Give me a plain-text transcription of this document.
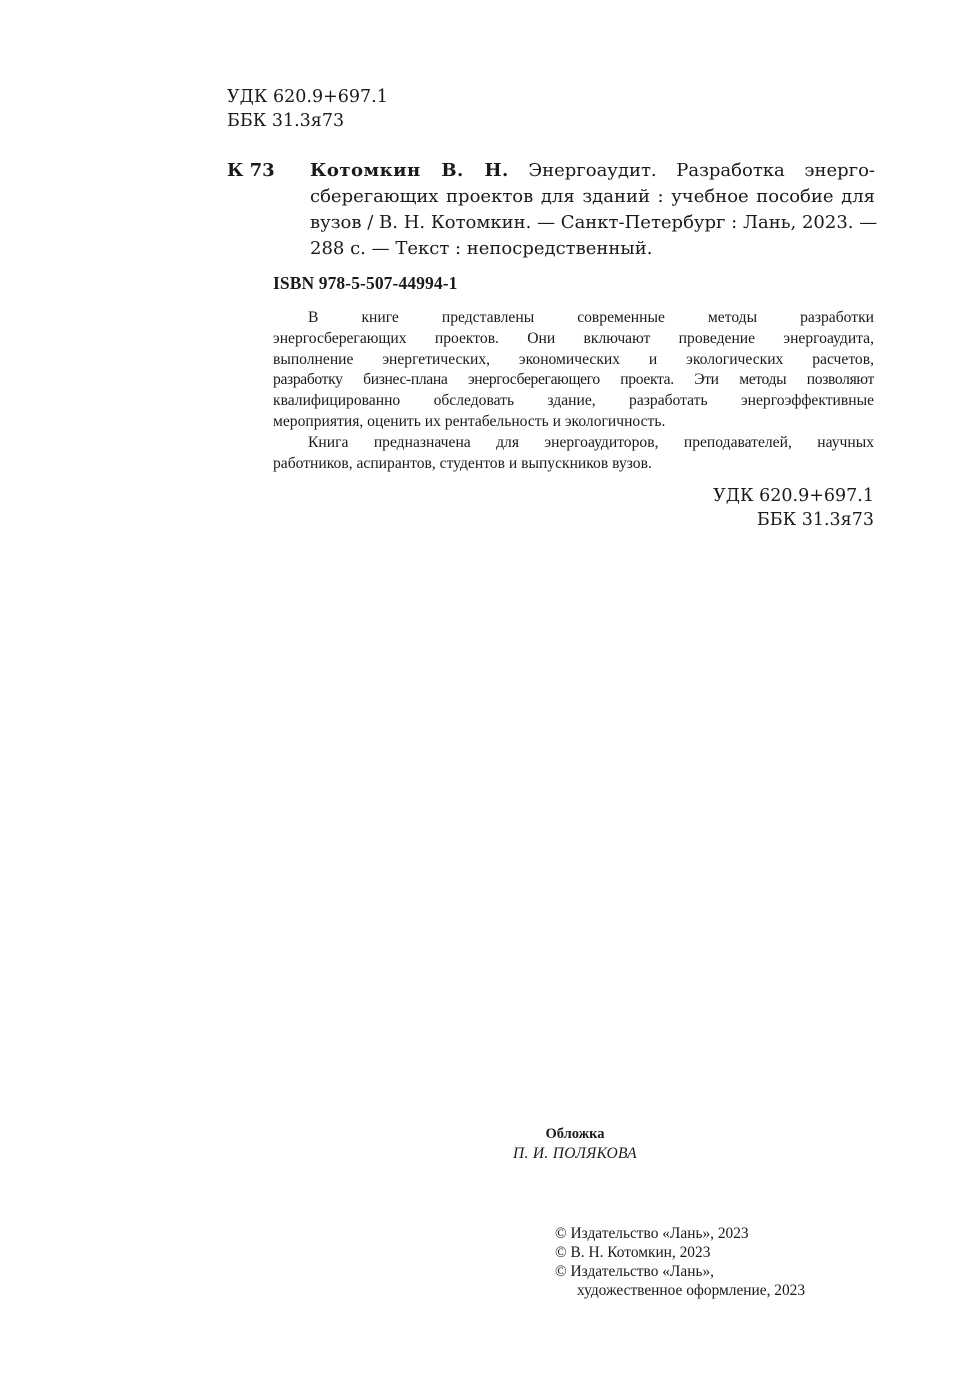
УДК 620.9+697.1
ББК 31.3я73
К 73 Котомкин В. Н. Энергоаудит. Разработка энерго-
сберегающих проектов для зданий : учебное пособие для
вузов / В. Н. Котомкин. — Санкт-Петербург : Лань, 2023. —
288 с. — Текст : непосредственный.
ISBN 978-5-507-44994-1
В книге представлены современные методы разработки
энергосберегающих проектов. Они включают проведение энергоаудита,
выполнение энергетических, экономических и экологических расчетов,
разработку бизнес-плана энергосберегающего проекта. Эти методы позволяют
квалифицированно обследовать здание, разработать энергоэффективные
мероприятия, оценить их рентабельность и экологичность.
Книга предназначена для энергоаудиторов, преподавателей, научных
работников, аспирантов, студентов и выпускников вузов.
УДК 620.9+697.1
ББК 31.3я73
Обложка
П. И. ПОЛЯКОВА
© Издательство «Лань», 2023
© В. Н. Котомкин, 2023
© Издательство «Лань»,
художественное оформление, 2023
